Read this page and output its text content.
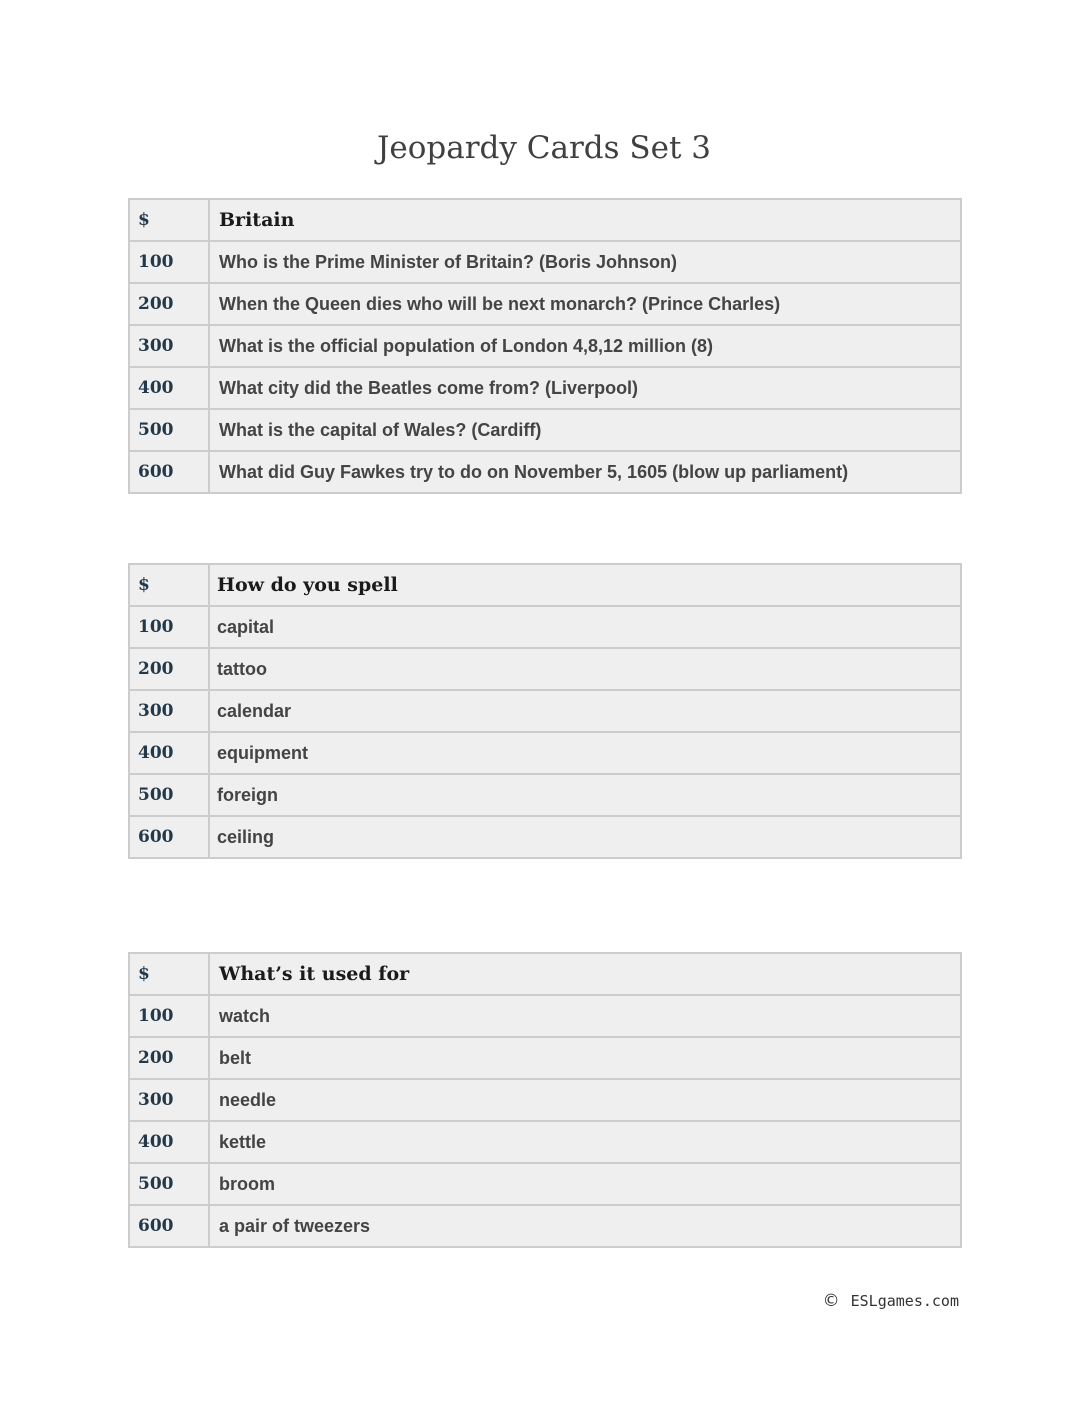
Jeopardy Cards Set 3
$	Britain
100	Who is the Prime Minister of Britain? (Boris Johnson)
200	When the Queen dies who will be next monarch? (Prince Charles)
300	What is the official population of London 4,8,12 million (8)
400	What city did the Beatles come from? (Liverpool)
500	What is the capital of Wales? (Cardiff)
600	What did Guy Fawkes try to do on November 5, 1605 (blow up parliament)
$	How do you spell
100	capital
200	tattoo
300	calendar
400	equipment
500	foreign
600	ceiling
$	What’s it used for
100	watch
200	belt
300	needle
400	kettle
500	broom
600	a pair of tweezers
© ESLgames.com
